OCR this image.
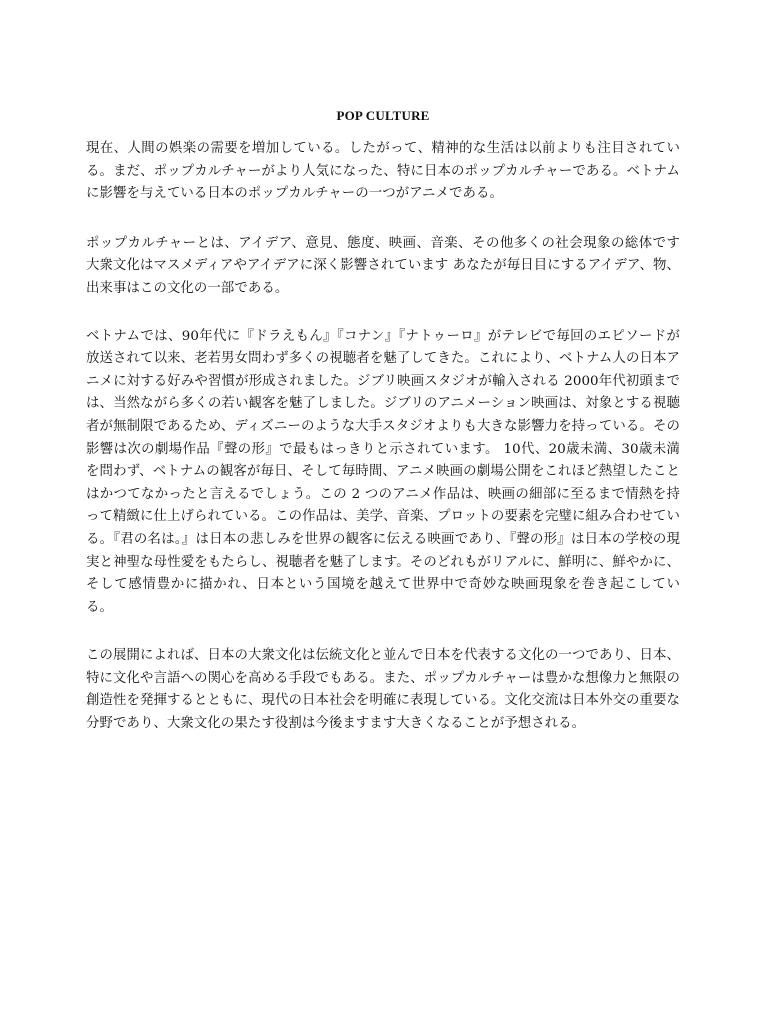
POP CULTURE

現在、人間の娯楽の需要を増加している。したがって、精神的な生活は以前よりも注目されている。まだ、ポップカルチャーがより人気になった、特に日本のポップカルチャーである。ベトナムに影響を与えている日本のポップカルチャーの一つがアニメである。

ポップカルチャーとは、アイデア、意見、態度、映画、音楽、その他多くの社会現象の総体です 大衆文化はマスメディアやアイデアに深く影響されています あなたが毎日目にするアイデア、物、出来事はこの文化の一部である。

ベトナムでは、90年代に『ドラえもん』『コナン』『ナトゥーロ』がテレビで毎回のエピソードが放送されて以来、老若男女問わず多くの視聴者を魅了してきた。これにより、ベトナム人の日本アニメに対する好みや習慣が形成されました。ジブリ映画スタジオが輸入される 2000年代初頭までは、当然ながら多くの若い観客を魅了しました。ジブリのアニメーション映画は、対象とする視聴者が無制限であるため、ディズニーのような大手スタジオよりも大きな影響力を持っている。その影響は次の劇場作品『聲の形』で最もはっきりと示されています。 10代、20歳未満、30歳未満を問わず、ベトナムの観客が毎日、そして毎時間、アニメ映画の劇場公開をこれほど熱望したことはかつてなかったと言えるでしょう。この 2 つのアニメ作品は、映画の細部に至るまで情熱を持って精緻に仕上げられている。この作品は、美学、音楽、プロットの要素を完璧に組み合わせている。『君の名は。』は日本の悲しみを世界の観客に伝える映画であり、『聲の形』は日本の学校の現実と神聖な母性愛をもたらし、視聴者を魅了します。そのどれもがリアルに、鮮明に、鮮やかに、そして感情豊かに描かれ、日本という国境を越えて世界中で奇妙な映画現象を巻き起こしている。

この展開によれば、日本の大衆文化は伝統文化と並んで日本を代表する文化の一つであり、日本、特に文化や言語への関心を高める手段でもある。また、ポップカルチャーは豊かな想像力と無限の創造性を発揮するとともに、現代の日本社会を明確に表現している。文化交流は日本外交の重要な分野であり、大衆文化の果たす役割は今後ますます大きくなることが予想される。
